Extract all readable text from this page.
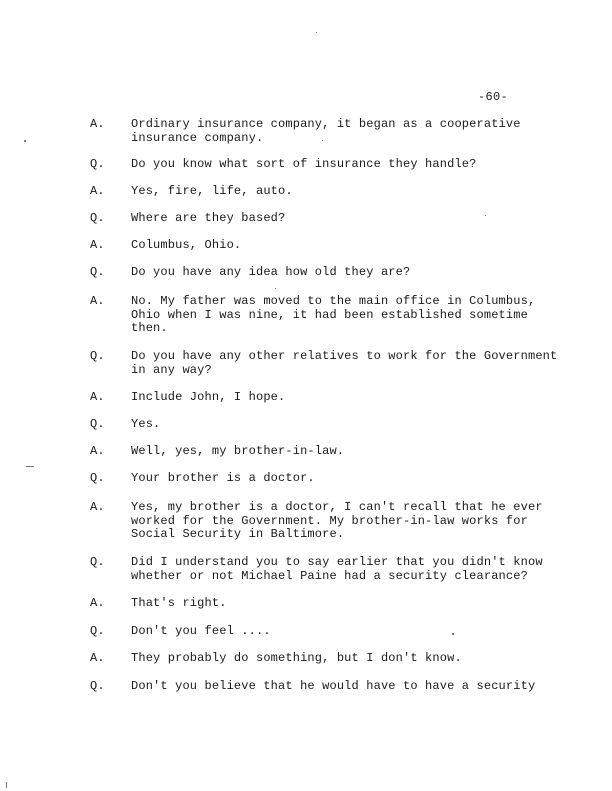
-60-
A. Ordinary insurance company, it began as a cooperative
insurance company.
Q. Do you know what sort of insurance they handle?
A. Yes, fire, life, auto.
Q. Where are they based?
A. Columbus, Ohio.
Q. Do you have any idea how old they are?
A. No. My father was moved to the main office in Columbus,
Ohio when I was nine, it had been established sometime
then.
Q. Do you have any other relatives to work for the Government
in any way?
A. Include John, I hope.
Q. Yes.
A. Well, yes, my brother-in-law.
Q. Your brother is a doctor.
A. Yes, my brother is a doctor, I can't recall that he ever
worked for the Government. My brother-in-law works for
Social Security in Baltimore.
Q. Did I understand you to say earlier that you didn't know
whether or not Michael Paine had a security clearance?
A. That's right.
Q. Don't you feel ....
A. They probably do something, but I don't know.
Q. Don't you believe that he would have to have a security
